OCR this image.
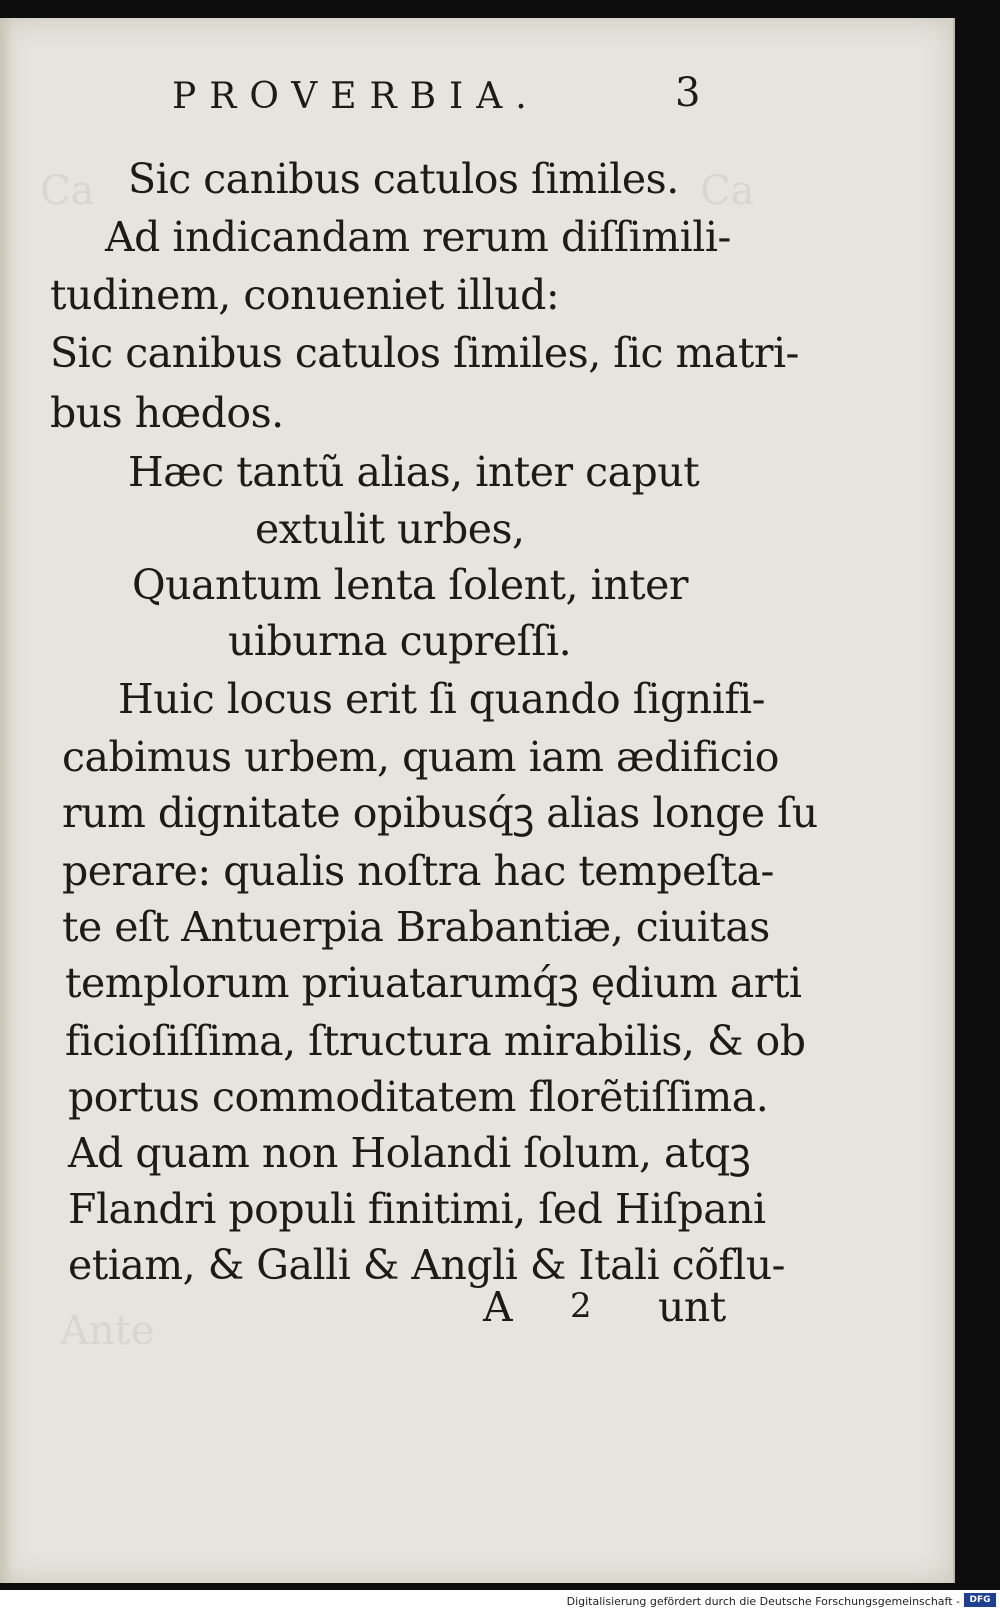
Ca	Ca
Ante
PROVERBIA.	3
Sic canibus catulos ſimiles.
Ad indicandam rerum diſſimili‐
tudinem, conueniet illud:
Sic canibus catulos ſimiles, ſic matri‐
bus hœdos.
Hæc tantũ alias, inter caput
extulit urbes,
Quantum lenta ſolent, inter
uiburna cupreſſi.
Huic locus erit ſi quando ſignifi‐
cabimus urbem, quam iam ædificio
rum dignitate opibusq́ꝫ alias longe ſu
perare: qualis noſtra hac tempeſta‐
te eſt Antuerpia Brabantiæ, ciuitas
templorum priuatarumq́ꝫ ędium arti
ficioſiſſima, ſtructura mirabilis, & ob
portus commoditatem florẽtiſſima.
Ad quam non Holandi ſolum, atqꝫ
Flandri populi finitimi, ſed Hiſpani
etiam, & Galli & Angli & Itali cõflu‐
A 2 unt
Digitalisierung gefördert durch die Deutsche Forschungsgemeinschaft -	DFG
